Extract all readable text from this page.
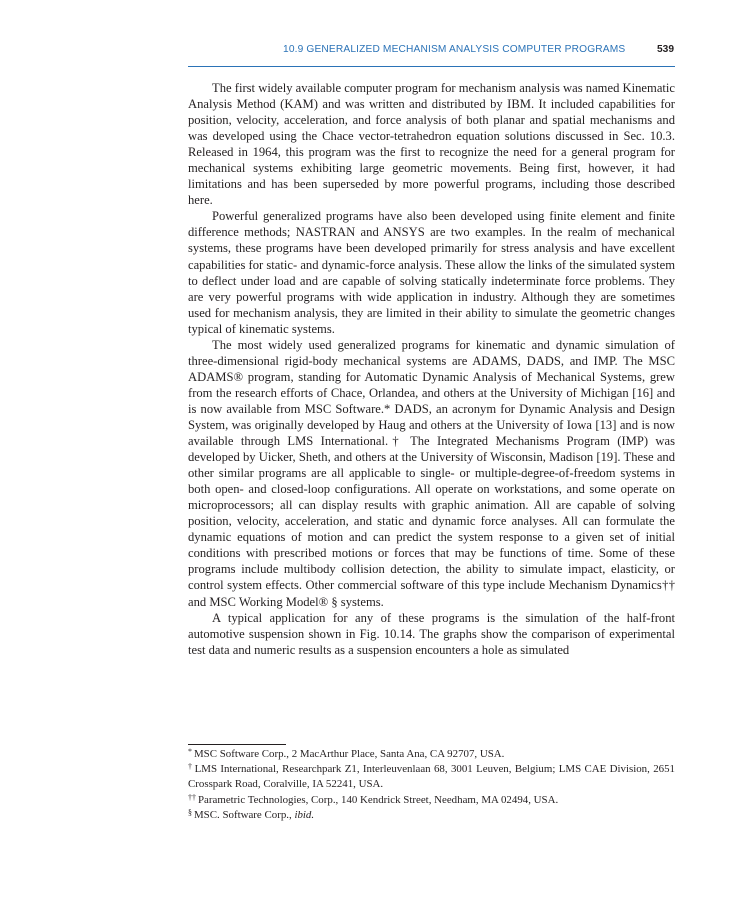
10.9 GENERALIZED MECHANISM ANALYSIS COMPUTER PROGRAMS	539

The first widely available computer program for mechanism analysis was named Kinematic Analysis Method (KAM) and was written and distributed by IBM. It included capabilities for position, velocity, acceleration, and force analysis of both planar and spatial mechanisms and was developed using the Chace vector-tetrahedron equation solutions discussed in Sec. 10.3. Released in 1964, this program was the first to recognize the need for a general program for mechanical systems exhibiting large geometric movements. Being first, however, it had limitations and has been superseded by more powerful programs, including those described here.

Powerful generalized programs have also been developed using finite element and finite difference methods; NASTRAN and ANSYS are two examples. In the realm of mechanical systems, these programs have been developed primarily for stress analysis and have excellent capabilities for static- and dynamic-force analysis. These allow the links of the simulated system to deflect under load and are capable of solving statically indeterminate force problems. They are very powerful programs with wide application in industry. Although they are sometimes used for mechanism analysis, they are limited in their ability to simulate the geometric changes typical of kinematic systems.

The most widely used generalized programs for kinematic and dynamic simulation of three-dimensional rigid-body mechanical systems are ADAMS, DADS, and IMP. The MSC ADAMS® program, standing for Automatic Dynamic Analysis of Mechanical Systems, grew from the research efforts of Chace, Orlandea, and others at the University of Michigan [16] and is now available from MSC Software.* DADS, an acronym for Dynamic Analysis and Design System, was originally developed by Haug and others at the University of Iowa [13] and is now available through LMS International.† The Integrated Mechanisms Program (IMP) was developed by Uicker, Sheth, and others at the University of Wisconsin, Madison [19]. These and other similar programs are all applicable to single- or multiple-degree-of-freedom systems in both open- and closed-loop configurations. All operate on workstations, and some operate on microprocessors; all can display results with graphic animation. All are capable of solving position, velocity, acceleration, and static and dynamic force analyses. All can formulate the dynamic equations of motion and can predict the system response to a given set of initial conditions with prescribed motions or forces that may be functions of time. Some of these programs include multibody collision detection, the ability to simulate impact, elasticity, or control system effects. Other commercial software of this type include Mechanism Dynamics†† and MSC Working Model® § systems.

A typical application for any of these programs is the simulation of the half-front automotive suspension shown in Fig. 10.14. The graphs show the comparison of experimental test data and numeric results as a suspension encounters a hole as simulated

* MSC Software Corp., 2 MacArthur Place, Santa Ana, CA 92707, USA.

† LMS International, Researchpark Z1, Interleuvenlaan 68, 3001 Leuven, Belgium; LMS CAE Division, 2651 Crosspark Road, Coralville, IA 52241, USA.

†† Parametric Technologies, Corp., 140 Kendrick Street, Needham, MA 02494, USA.

§ MSC. Software Corp., ibid.
